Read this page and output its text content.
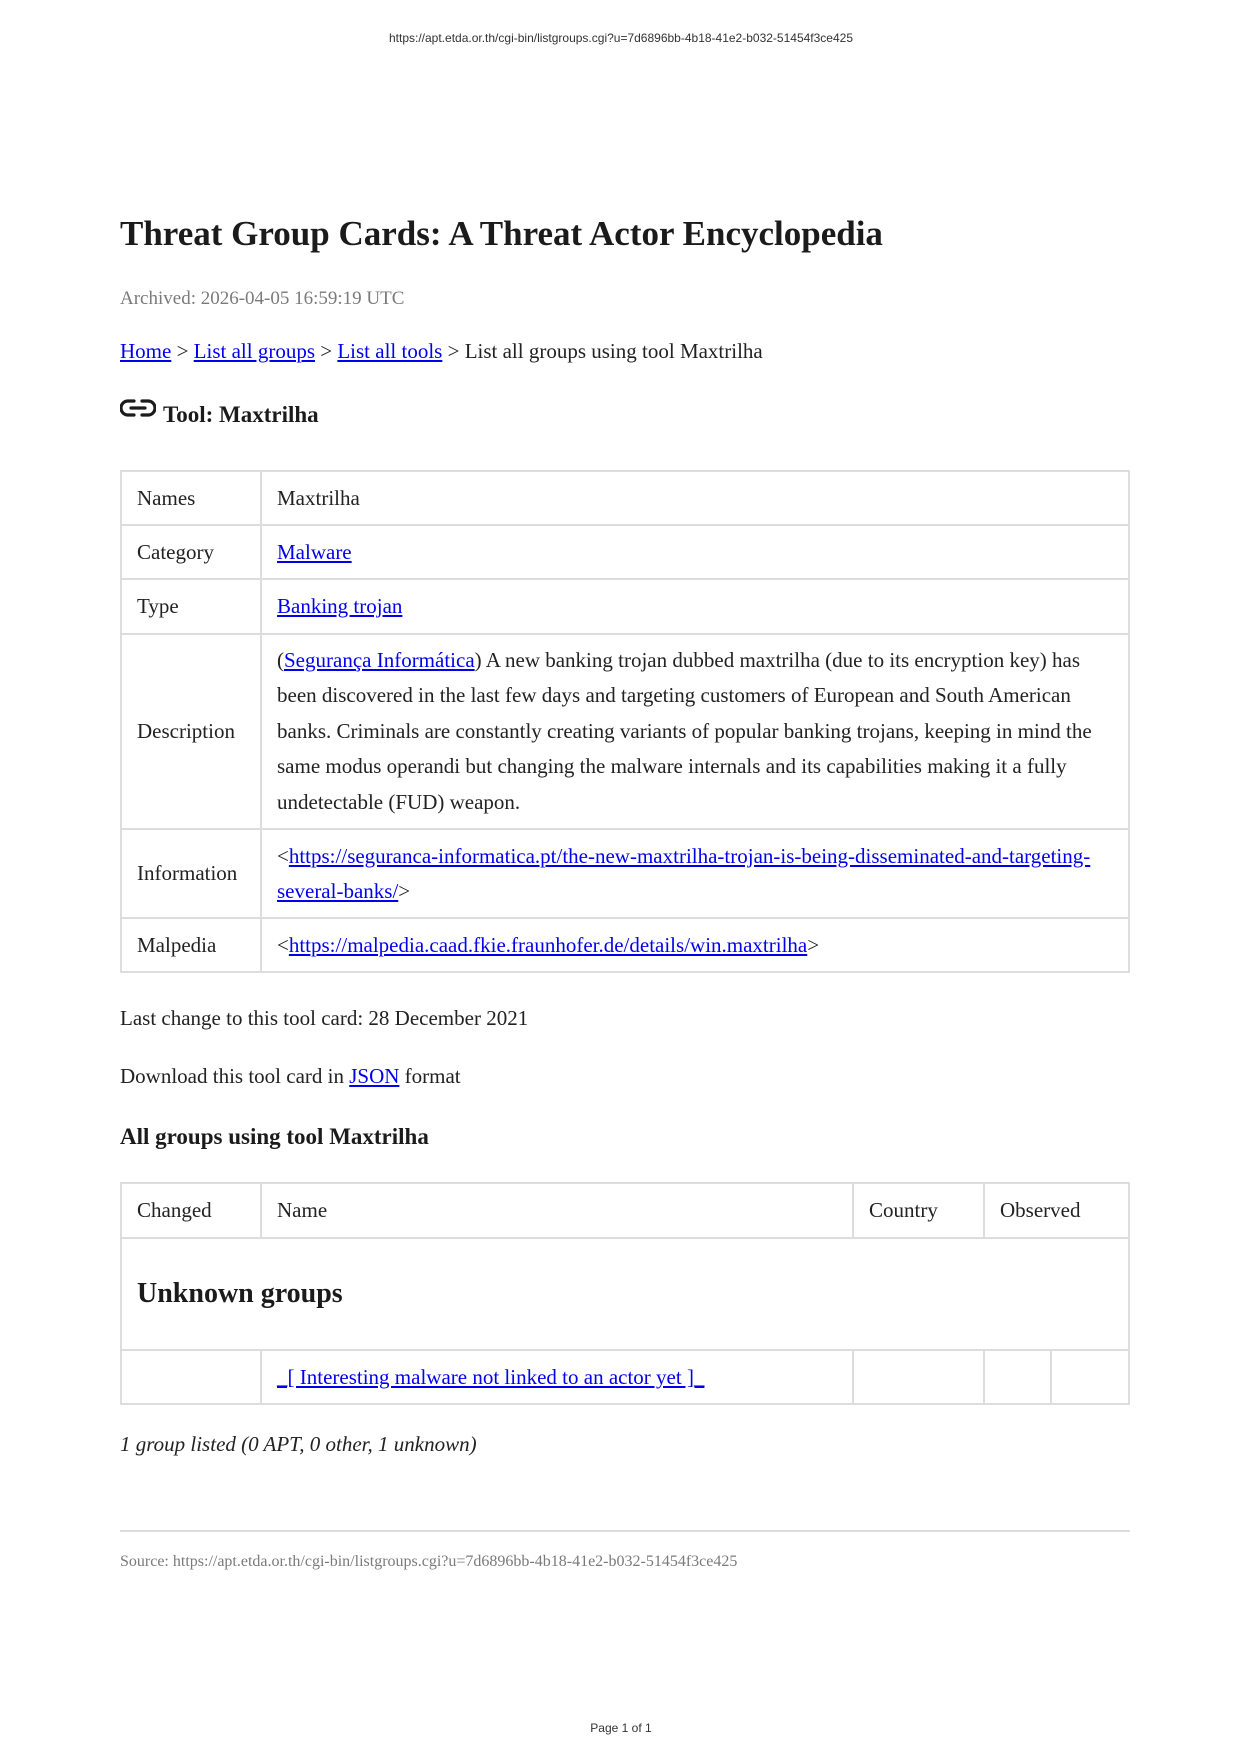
https://apt.etda.or.th/cgi-bin/listgroups.cgi?u=7d6896bb-4b18-41e2-b032-51454f3ce425
Threat Group Cards: A Threat Actor Encyclopedia
Archived: 2026-04-05 16:59:19 UTC
Home > List all groups > List all tools > List all groups using tool Maxtrilha
Tool: Maxtrilha
Names	Maxtrilha
Category	Malware
Type	Banking trojan
Description	(Segurança Informática) A new banking trojan dubbed maxtrilha (due to its encryption key) has been discovered in the last few days and targeting customers of European and South American banks. Criminals are constantly creating variants of popular banking trojans, keeping in mind the same modus operandi but changing the malware internals and its capabilities making it a fully undetectable (FUD) weapon.
Information	<https://seguranca-informatica.pt/the-new-maxtrilha-trojan-is-being-disseminated-and-targeting-several-banks/>
Malpedia	<https://malpedia.caad.fkie.fraunhofer.de/details/win.maxtrilha>
Last change to this tool card: 28 December 2021
Download this tool card in JSON format
All groups using tool Maxtrilha
Changed	Name	Country	Observed	
Unknown groups				
	_[ Interesting malware not linked to an actor yet ]_			
1 group listed (0 APT, 0 other, 1 unknown)
Source: https://apt.etda.or.th/cgi-bin/listgroups.cgi?u=7d6896bb-4b18-41e2-b032-51454f3ce425
Page 1 of 1
